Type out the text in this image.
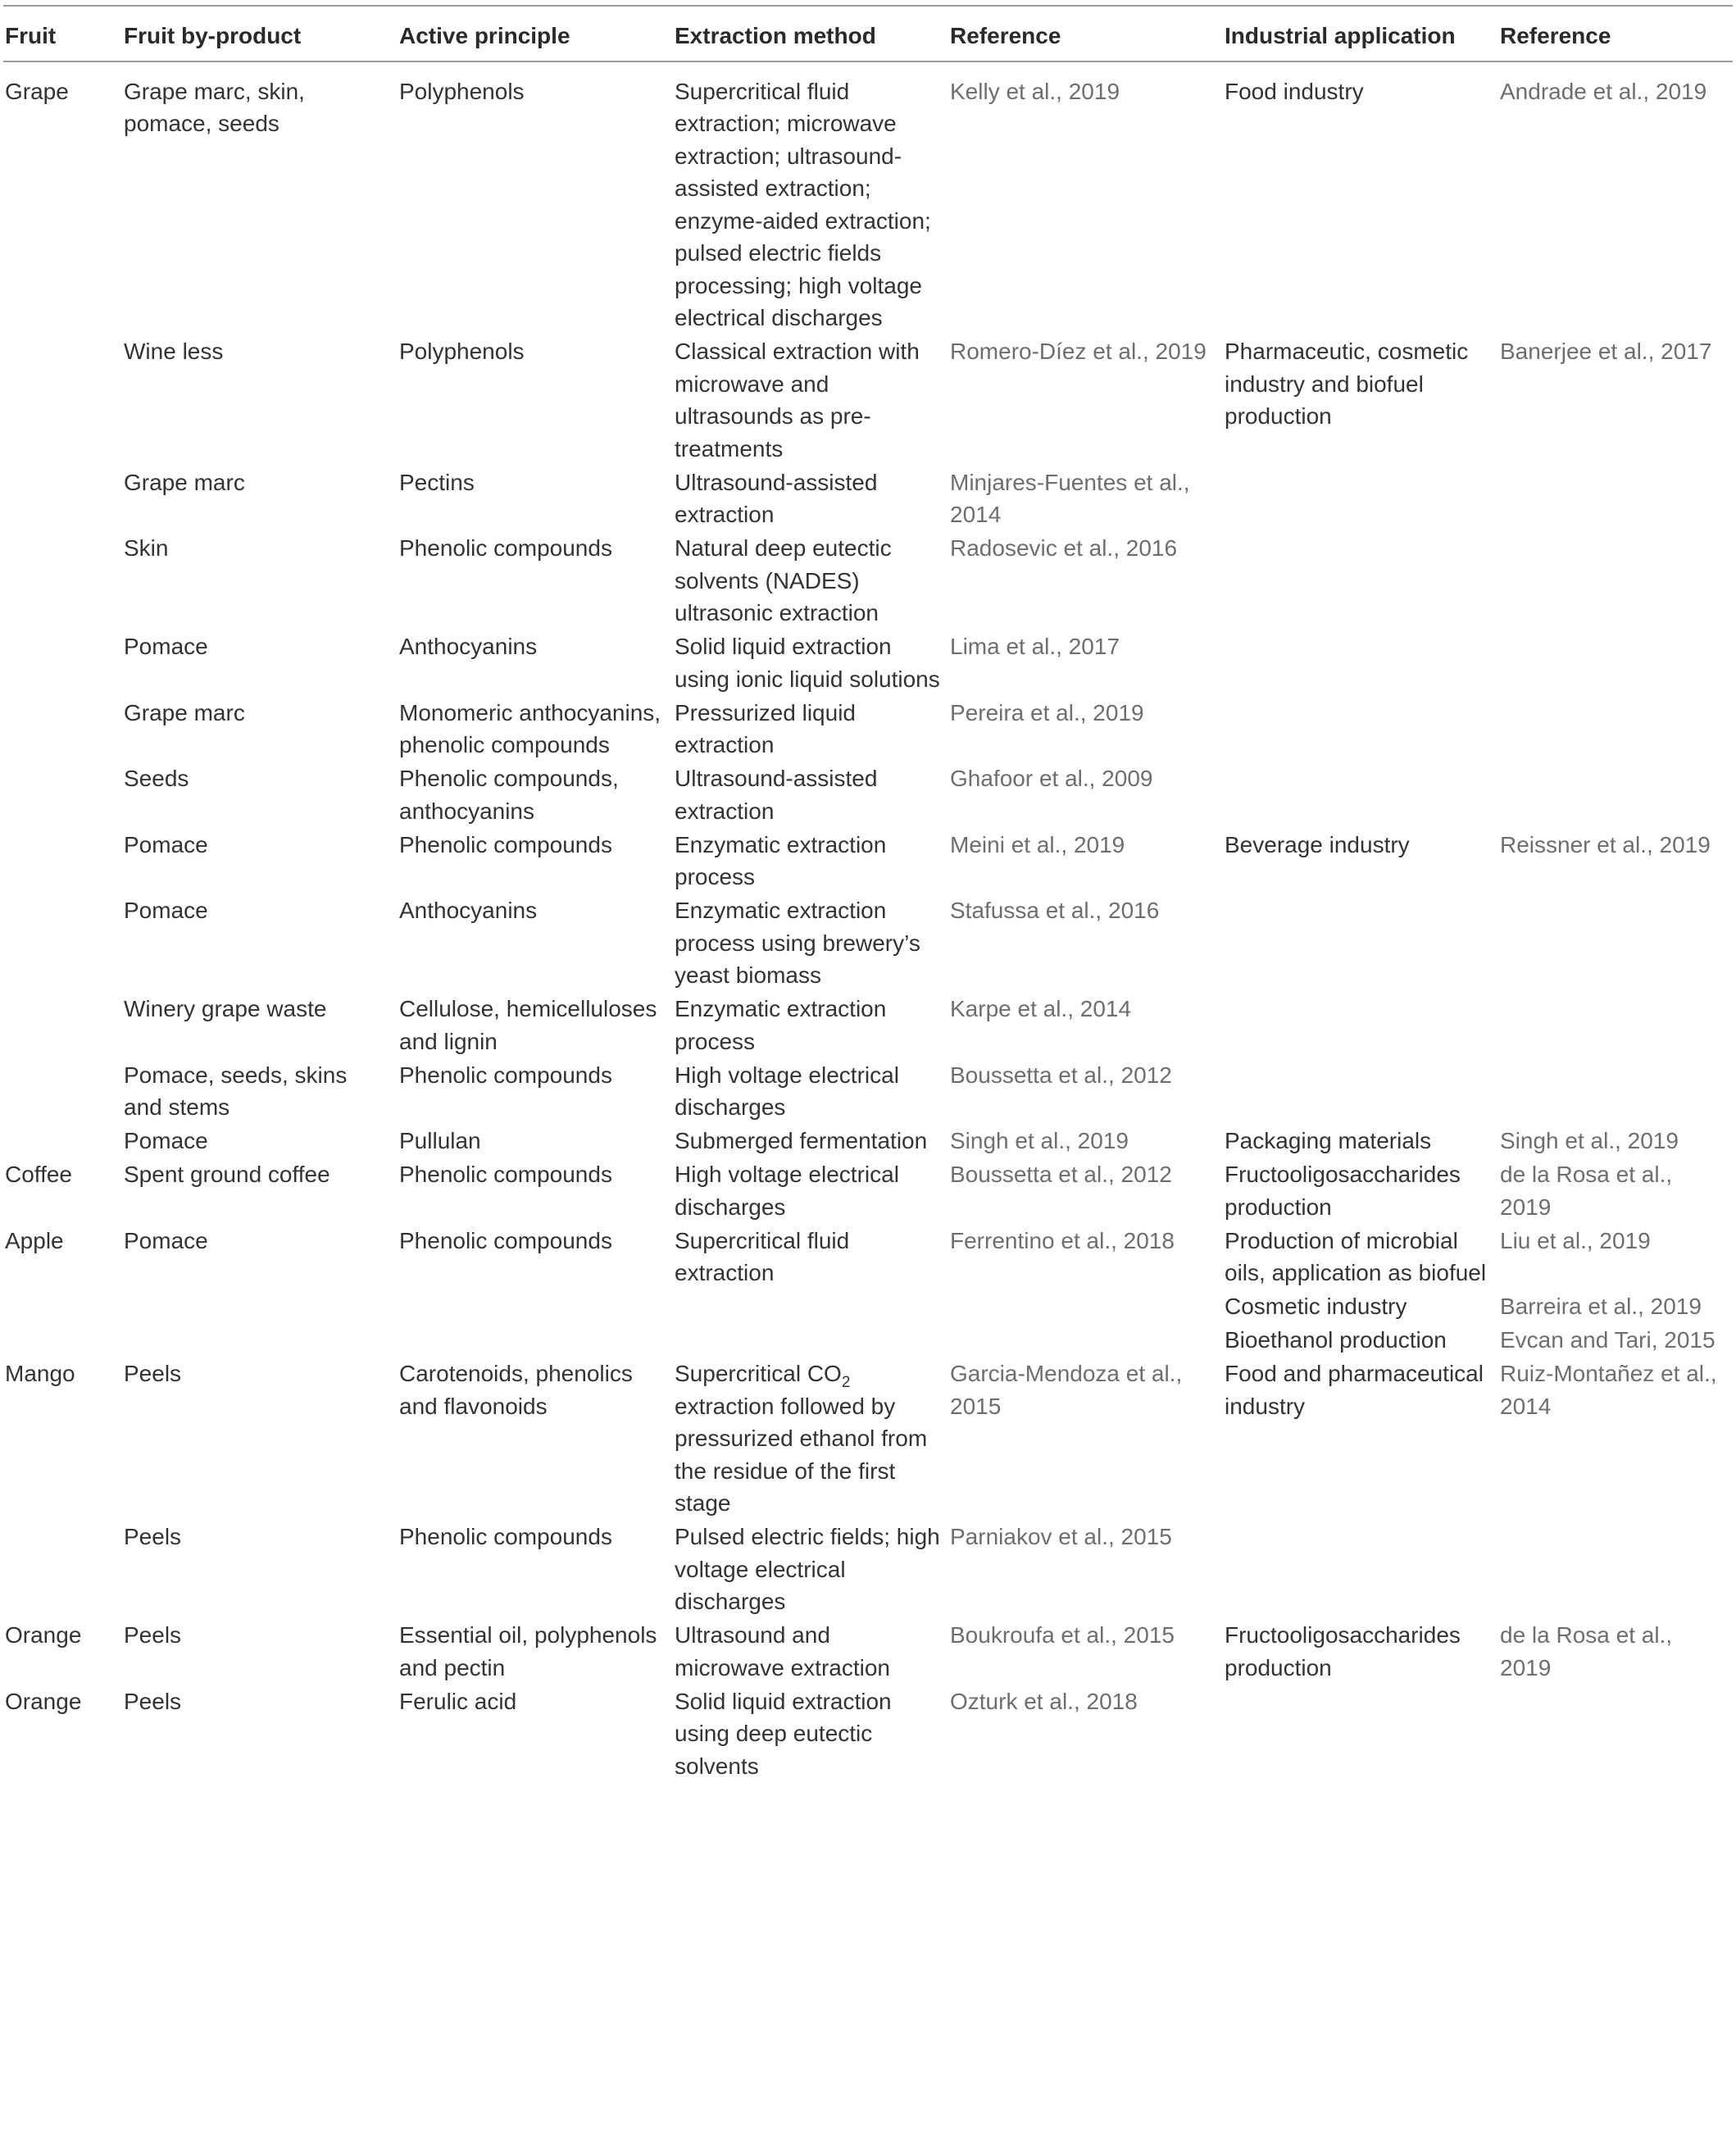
Fruit	Fruit by-product	Active principle	Extraction method	Reference	Industrial application	Reference
Grape	Grape marc, skin, pomace, seeds	Polyphenols	Supercritical fluid extraction; microwave extraction; ultrasound-assisted extraction; enzyme-aided extraction; pulsed electric fields processing; high voltage electrical discharges	Kelly et al., 2019	Food industry	Andrade et al., 2019
	Wine less	Polyphenols	Classical extraction with microwave and ultrasounds as pre-treatments	Romero-Díez et al., 2019	Pharmaceutic, cosmetic industry and biofuel production	Banerjee et al., 2017
	Grape marc	Pectins	Ultrasound-assisted extraction	Minjares-Fuentes et al., 2014		
	Skin	Phenolic compounds	Natural deep eutectic solvents (NADES) ultrasonic extraction	Radosevic et al., 2016		
	Pomace	Anthocyanins	Solid liquid extraction using ionic liquid solutions	Lima et al., 2017		
	Grape marc	Monomeric anthocyanins, phenolic compounds	Pressurized liquid extraction	Pereira et al., 2019		
	Seeds	Phenolic compounds, anthocyanins	Ultrasound-assisted extraction	Ghafoor et al., 2009		
	Pomace	Phenolic compounds	Enzymatic extraction process	Meini et al., 2019	Beverage industry	Reissner et al., 2019
	Pomace	Anthocyanins	Enzymatic extraction process using brewery’s yeast biomass	Stafussa et al., 2016		
	Winery grape waste	Cellulose, hemicelluloses and lignin	Enzymatic extraction process	Karpe et al., 2014		
	Pomace, seeds, skins and stems	Phenolic compounds	High voltage electrical discharges	Boussetta et al., 2012		
	Pomace	Pullulan	Submerged fermentation	Singh et al., 2019	Packaging materials	Singh et al., 2019
Coffee	Spent ground coffee	Phenolic compounds	High voltage electrical discharges	Boussetta et al., 2012	Fructooligosaccharides production	de la Rosa et al., 2019
Apple	Pomace	Phenolic compounds	Supercritical fluid extraction	Ferrentino et al., 2018	Production of microbial oils, application as biofuel	Liu et al., 2019
					Cosmetic industry	Barreira et al., 2019
					Bioethanol production	Evcan and Tari, 2015
Mango	Peels	Carotenoids, phenolics and flavonoids	Supercritical $CO_2$ extraction followed by pressurized ethanol from the residue of the first stage	Garcia-Mendoza et al., 2015	Food and pharmaceutical industry	Ruiz-Montañez et al., 2014
	Peels	Phenolic compounds	Pulsed electric fields; high voltage electrical discharges	Parniakov et al., 2015		
Orange	Peels	Essential oil, polyphenols and pectin	Ultrasound and microwave extraction	Boukroufa et al., 2015	Fructooligosaccharides production	de la Rosa et al., 2019
Orange	Peels	Ferulic acid	Solid liquid extraction using deep eutectic solvents	Ozturk et al., 2018		
